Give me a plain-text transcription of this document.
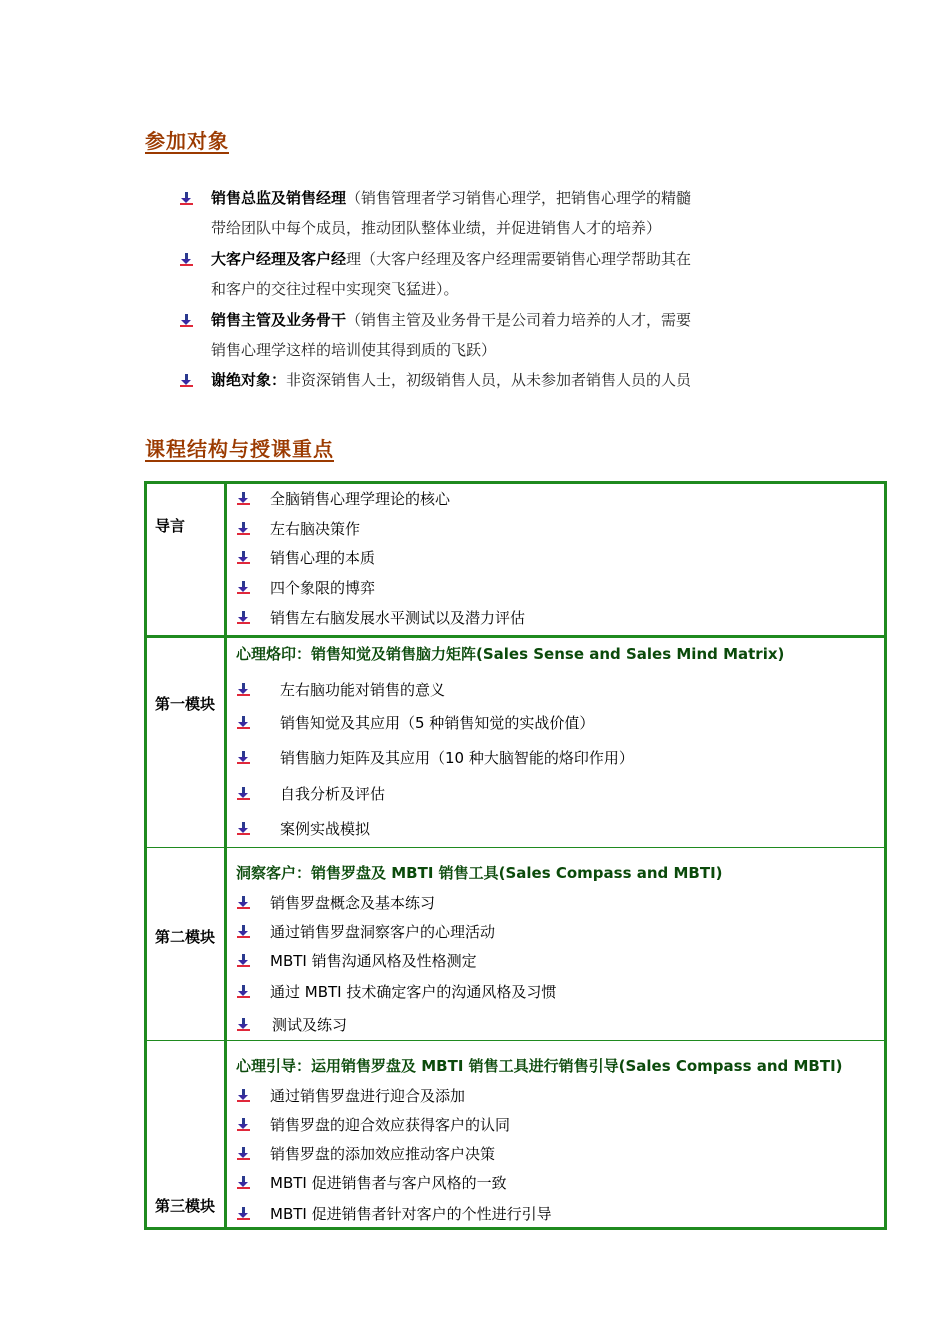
参加对象
销售总监及销售经理（销售管理者学习销售心理学，把销售心理学的精髓
带给团队中每个成员，推动团队整体业绩，并促进销售人才的培养）
大客户经理及客户经理（大客户经理及客户经理需要销售心理学帮助其在
和客户的交往过程中实现突飞猛进）。
销售主管及业务骨干（销售主管及业务骨干是公司着力培养的人才，需要
销售心理学这样的培训使其得到质的飞跃）
谢绝对象：非资深销售人士，初级销售人员，从未参加者销售人员的人员
课程结构与授课重点
导言
全脑销售心理学理论的核心
左右脑决策作
销售心理的本质
四个象限的博弈
销售左右脑发展水平测试以及潜力评估
第一模块
心理烙印：销售知觉及销售脑力矩阵(Sales Sense and Sales Mind Matrix)
左右脑功能对销售的意义
销售知觉及其应用（5 种销售知觉的实战价值）
销售脑力矩阵及其应用（10 种大脑智能的烙印作用）
自我分析及评估
案例实战模拟
第二模块
洞察客户：销售罗盘及 MBTI 销售工具(Sales Compass and MBTI)
销售罗盘概念及基本练习
通过销售罗盘洞察客户的心理活动
MBTI 销售沟通风格及性格测定
通过 MBTI 技术确定客户的沟通风格及习惯
测试及练习
第三模块
心理引导：运用销售罗盘及 MBTI 销售工具进行销售引导(Sales Compass and MBTI)
通过销售罗盘进行迎合及添加
销售罗盘的迎合效应获得客户的认同
销售罗盘的添加效应推动客户决策
MBTI 促进销售者与客户风格的一致
MBTI 促进销售者针对客户的个性进行引导
